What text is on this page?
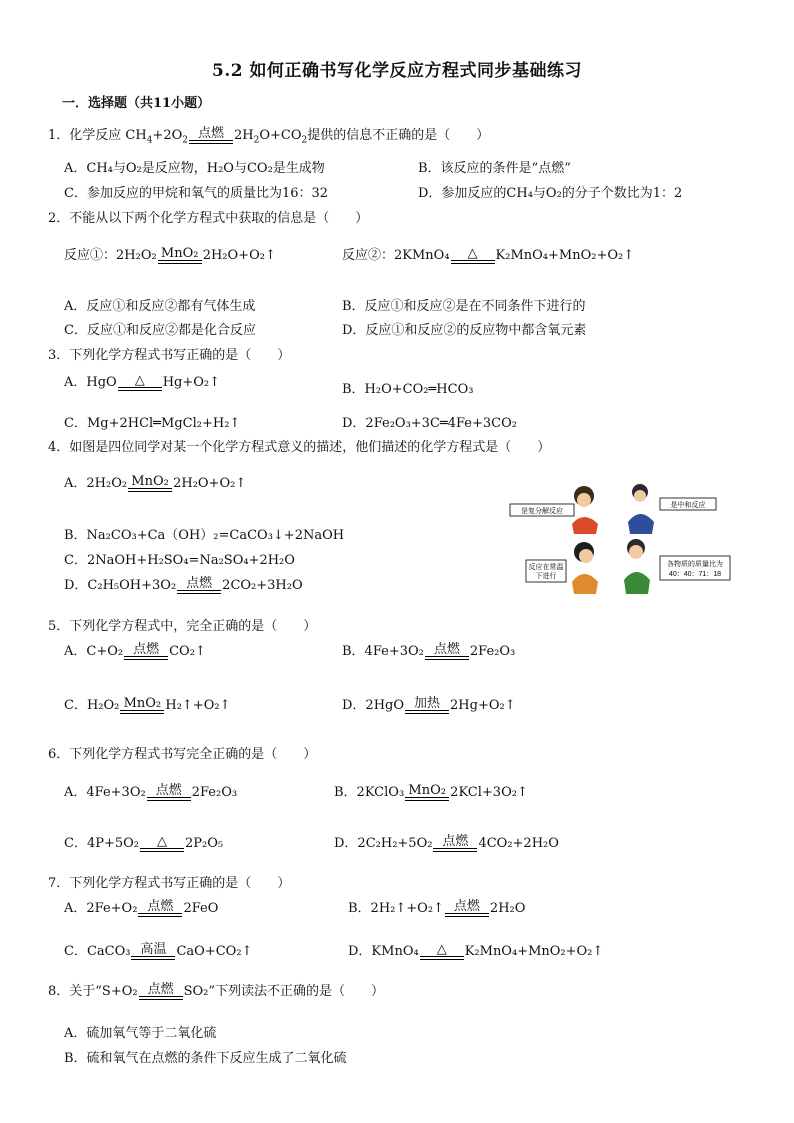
5.2 如何正确书写化学反应方程式同步基础练习
一．选择题（共11小题）
1．化学反应 $CH_4+2O_2$ 点燃 $2H_2O+CO_2$提供的信息不正确的是（　　）
A．CH₄与O₂是反应物，H₂O与CO₂是生成物	B．该反应的条件是“点燃”
C．参加反应的甲烷和氧气的质量比为16：32	D．参加反应的CH₄与O₂的分子个数比为1：2
2．不能从以下两个化学方程式中获取的信息是（　　）
反应①：2H₂O₂ MnO₂ 2H₂O+O₂↑	反应②：2KMnO₄	△	K₂MnO₄+MnO₂+O₂↑
A．反应①和反应②都有气体生成	B．反应①和反应②是在不同条件下进行的
C．反应①和反应②都是化合反应	D．反应①和反应②的反应物中都含氧元素
3．下列化学方程式书写正确的是（　　）
A．HgO	△	Hg+O₂↑	B．H₂O+CO₂═HCO₃
C．Mg+2HCl═MgCl₂+H₂↑	D．2Fe₂O₃+3C═4Fe+3CO₂
4．如图是四位同学对某一个化学方程式意义的描述，他们描述的化学方程式是（　　）
A．2H₂O₂ MnO₂ 2H₂O+O₂↑
B．Na₂CO₃+Ca（OH）₂=CaCO₃↓+2NaOH
C．2NaOH+H₂SO₄=Na₂SO₄+2H₂O
D．C₂H₅OH+3O₂ 点燃 2CO₂+3H₂O
是复分解反应
是中和反应
反应在常温
下进行
各物质的质量比为
40：40：71：18
5．下列化学方程式中，完全正确的是（　　）
A．C+O₂ 点燃 CO₂↑	B．4Fe+3O₂ 点燃 2Fe₂O₃
C．H₂O₂ MnO₂ H₂↑+O₂↑	D．2HgO 加热 2Hg+O₂↑
6．下列化学方程式书写完全正确的是（　　）
A．4Fe+3O₂ 点燃 2Fe₂O₃	B．2KClO₃ MnO₂ 2KCl+3O₂↑
C．4P+5O₂	△	2P₂O₅	D．2C₂H₂+5O₂ 点燃 4CO₂+2H₂O
7．下列化学方程式书写正确的是（　　）
A．2Fe+O₂ 点燃 2FeO	B．2H₂↑+O₂↑ 点燃 2H₂O
C．CaCO₃ 高温 CaO+CO₂↑	D．KMnO₄	△	K₂MnO₄+MnO₂+O₂↑
8．关于“S+O₂ 点燃 SO₂”下列读法不正确的是（　　）
A．硫加氧气等于二氧化硫
B．硫和氧气在点燃的条件下反应生成了二氧化硫
